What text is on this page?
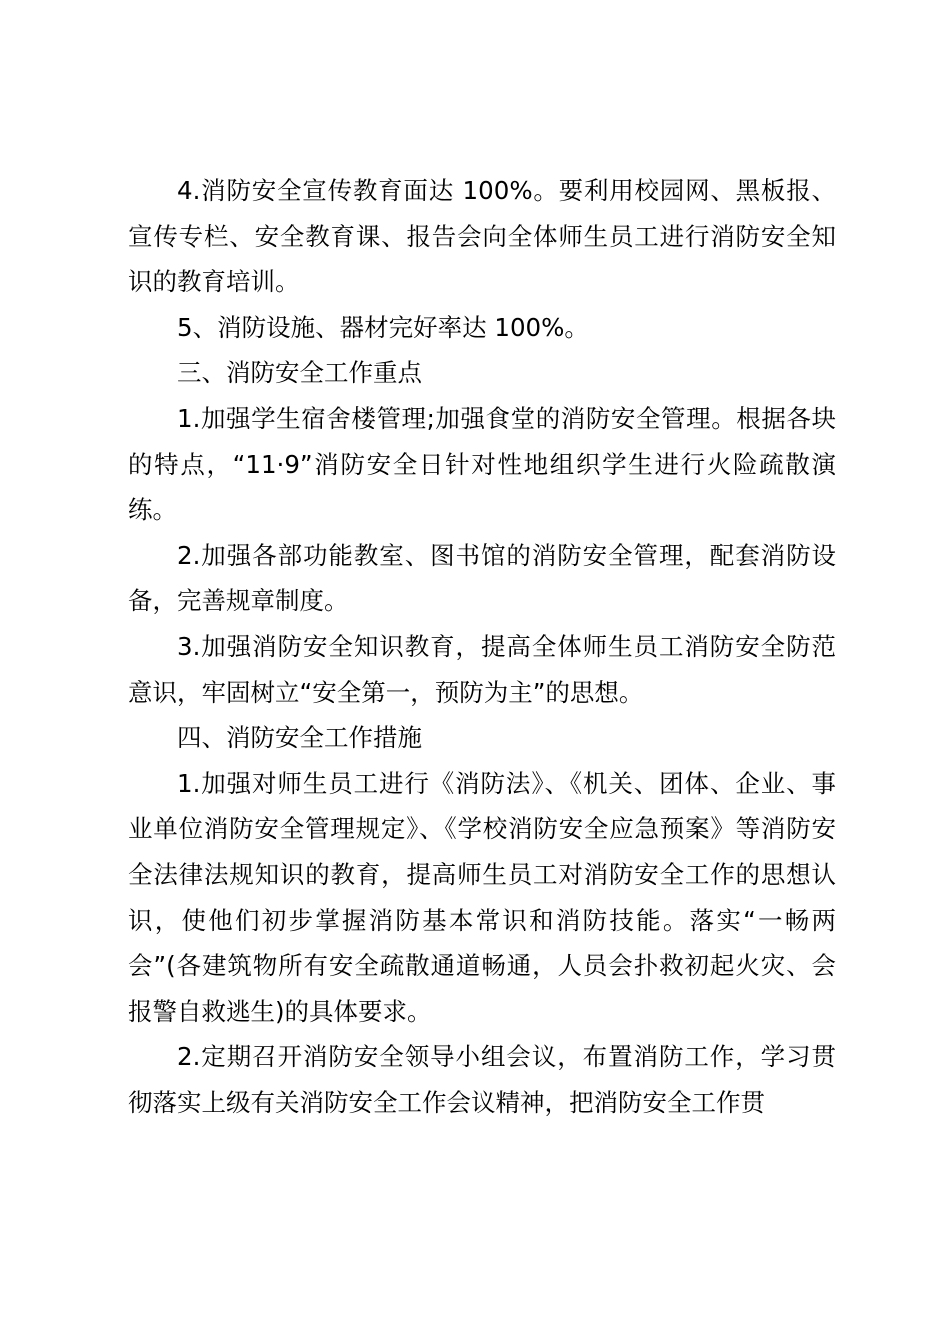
4.消防安全宣传教育面达 100%。要利用校园网、黑板报、宣传专栏、安全教育课、报告会向全体师生员工进行消防安全知识的教育培训。

5、消防设施、器材完好率达 100%。

三、消防安全工作重点

1.加强学生宿舍楼管理;加强食堂的消防安全管理。根据各块的特点，“11·9”消防安全日针对性地组织学生进行火险疏散演练。

2.加强各部功能教室、图书馆的消防安全管理，配套消防设备，完善规章制度。

3.加强消防安全知识教育，提高全体师生员工消防安全防范意识，牢固树立“安全第一，预防为主”的思想。

四、消防安全工作措施

1.加强对师生员工进行《消防法》、《机关、团体、企业、事业单位消防安全管理规定》、《学校消防安全应急预案》等消防安全法律法规知识的教育，提高师生员工对消防安全工作的思想认识，使他们初步掌握消防基本常识和消防技能。落实“一畅两会”(各建筑物所有安全疏散通道畅通，人员会扑救初起火灾、会报警自救逃生)的具体要求。

2.定期召开消防安全领导小组会议，布置消防工作，学习贯彻落实上级有关消防安全工作会议精神，把消防安全工作贯
